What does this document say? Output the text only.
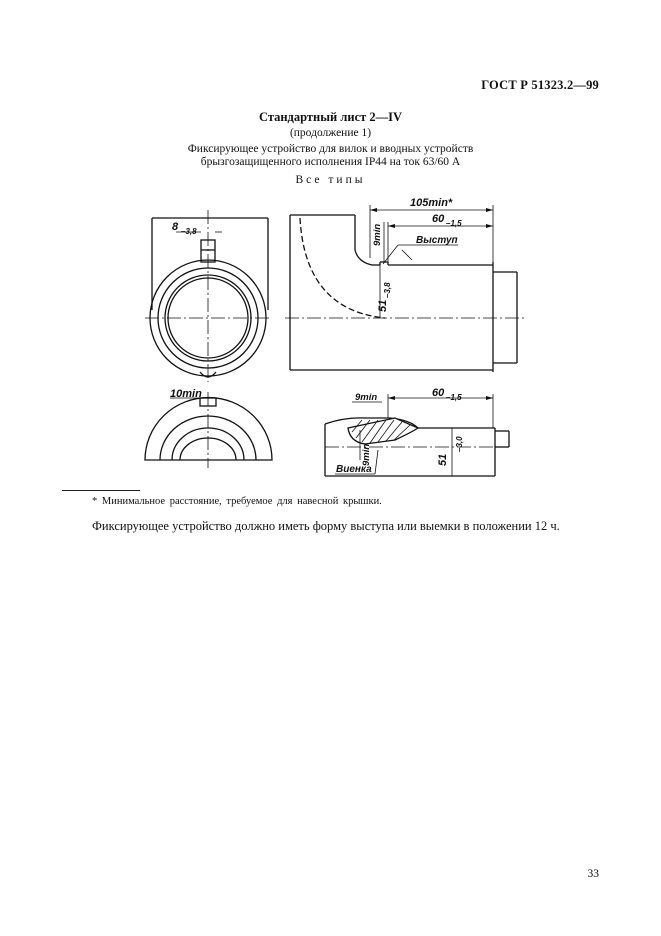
ГОСТ Р 51323.2—99
Стандартный лист 2—IV
(продолжение 1)
Фиксирующее устройство для вилок и вводных устройств
брызгозащищенного исполнения IP44 на ток 63/60 А
Все типы
8 –3,8
105min*
60 –1,5
9min	Выступ
51
–3,8
10min	60 –1,5
9min
9min	51
–3,0
Виенка
* Минимальное расстояние, требуемое для навесной крышки.
Фиксирующее устройство должно иметь форму выступа или выемки в положении 12 ч.
33
